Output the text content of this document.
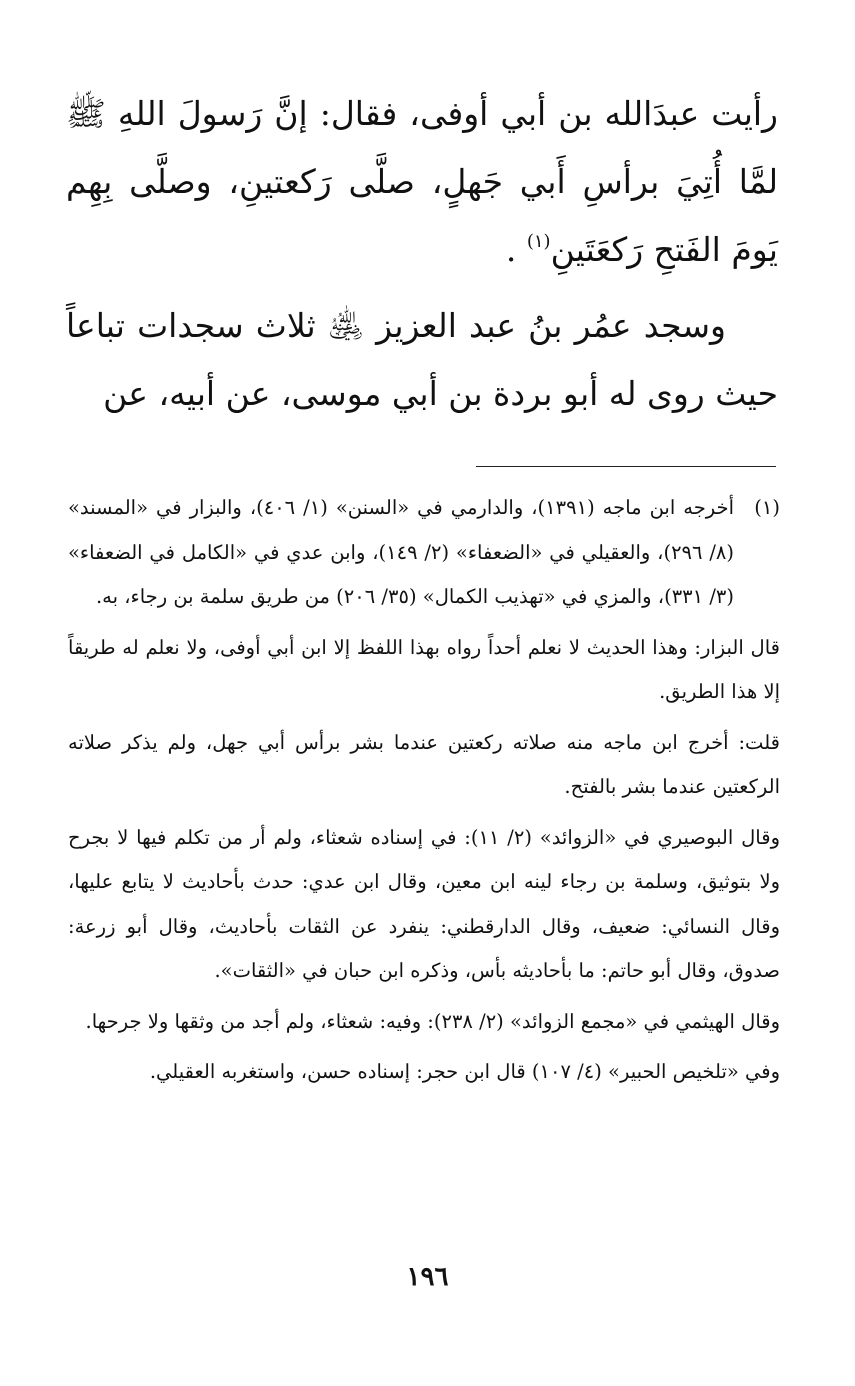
رأيت عبدَالله بن أبي أوفى، فقال: إنَّ رَسولَ اللهِ ﷺ لمَّا أُتِيَ برأسِ أَبي جَهلٍ، صلَّى رَكعتينِ، وصلَّى بِهِم يَومَ الفَتحِ رَكعَتَينِ$^{(١)}$ .

وسجد عمُر بنُ عبد العزيز ﵁ ثلاث سجدات تباعاً حيث روى له أبو بردة بن أبي موسى، عن أبيه، عن

(١)
أخرجه ابن ماجه (١٣٩١)، والدارمي في «السنن» (١/ ٤٠٦)، والبزار في «المسند» (٨/ ٢٩٦)، والعقيلي في «الضعفاء» (٢/ ١٤٩)، وابن عدي في «الكامل في الضعفاء» (٣/ ٣٣١)، والمزي في «تهذيب الكمال» (٣٥/ ٢٠٦) من طريق سلمة بن رجاء، به.

قال البزار: وهذا الحديث لا نعلم أحداً رواه بهذا اللفظ إلا ابن أبي أوفى، ولا نعلم له طريقاً إلا هذا الطريق.

قلت: أخرج ابن ماجه منه صلاته ركعتين عندما بشر برأس أبي جهل، ولم يذكر صلاته الركعتين عندما بشر بالفتح.

وقال البوصيري في «الزوائد» (٢/ ١١): في إسناده شعثاء، ولم أر من تكلم فيها لا بجرح ولا بتوثيق، وسلمة بن رجاء لينه ابن معين، وقال ابن عدي: حدث بأحاديث لا يتابع عليها، وقال النسائي: ضعيف، وقال الدارقطني: ينفرد عن الثقات بأحاديث، وقال أبو زرعة: صدوق، وقال أبو حاتم: ما بأحاديثه بأس، وذكره ابن حبان في «الثقات».

وقال الهيثمي في «مجمع الزوائد» (٢/ ٢٣٨): وفيه: شعثاء، ولم أجد من وثقها ولا جرحها.

وفي «تلخيص الحبير» (٤/ ١٠٧) قال ابن حجر: إسناده حسن، واستغربه العقيلي.

١٩٦
